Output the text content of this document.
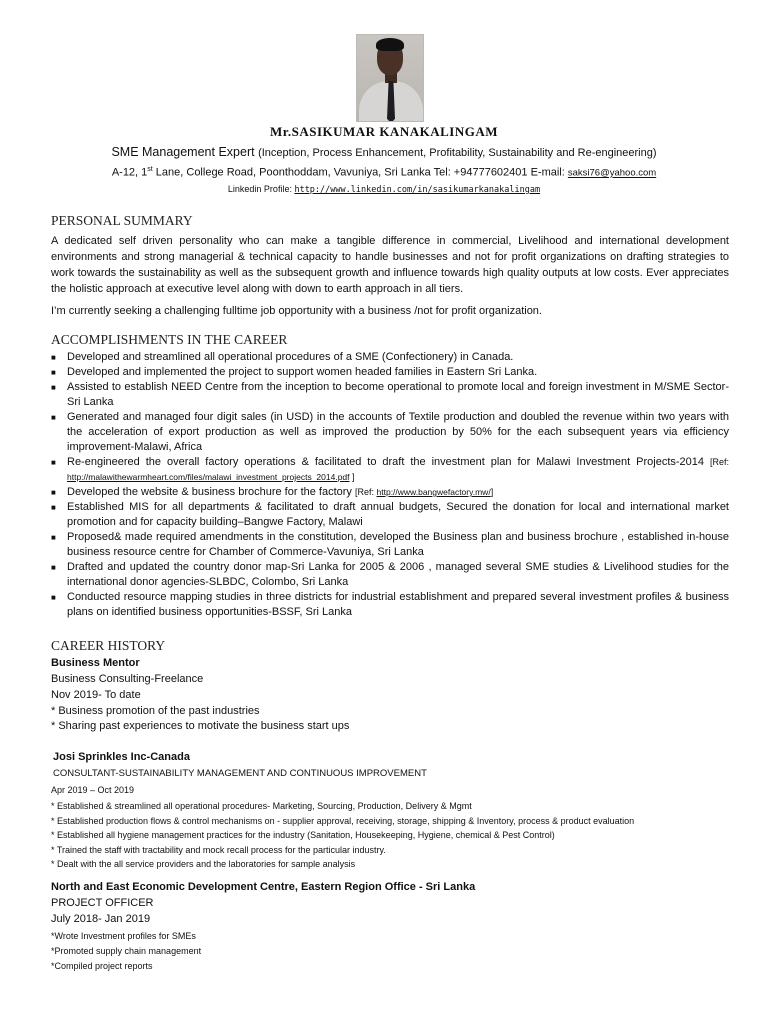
Mr.SASIKUMAR KANAKALINGAM
SME Management Expert (Inception, Process Enhancement, Profitability, Sustainability and Re-engineering)
A-12, 1st Lane, College Road, Poonthoddam, Vavuniya, Sri Lanka Tel: +94777602401 E-mail: saksi76@yahoo.com
Linkedin Profile: http://www.linkedin.com/in/sasikumarkanakalingam
PERSONAL SUMMARY
A dedicated self driven personality who can make a tangible difference in commercial, Livelihood and international development environments and strong managerial & technical capacity to handle businesses and not for profit organizations on drafting strategies to work towards the sustainability as well as the subsequent growth and influence towards high quality outputs at low costs. Ever appreciates the holistic approach at executive level along with down to earth approach in all tiers.
I’m currently seeking a challenging fulltime job opportunity with a business /not for profit organization.
ACCOMPLISHMENTS IN THE CAREER
■ Developed and streamlined all operational procedures of a SME (Confectionery) in Canada.
■ Developed and implemented the project to support women headed families in Eastern Sri Lanka.
■ Assisted to establish NEED Centre from the inception to become operational to promote local and foreign investment in M/SME Sector-Sri Lanka
■ Generated and managed four digit sales (in USD) in the accounts of Textile production and doubled the revenue within two years with the acceleration of export production as well as improved the production by 50% for the each subsequent years via efficiency improvement-Malawi, Africa
■ Re-engineered the overall factory operations & facilitated to draft the investment plan for Malawi Investment Projects-2014 [Ref: http://malawithewarmheart.com/files/malawi_investment_projects_2014.pdf ]
■ Developed the website & business brochure for the factory [Ref: http://www.bangwefactory.mw/]
■ Established MIS for all departments & facilitated to draft annual budgets, Secured the donation for local and international market promotion and for capacity building–Bangwe Factory, Malawi
■ Proposed& made required amendments in the constitution, developed the Business plan and business brochure , established in-house business resource centre for Chamber of Commerce-Vavuniya, Sri Lanka
■ Drafted and updated the country donor map-Sri Lanka for 2005 & 2006 , managed several SME studies & Livelihood studies for the international donor agencies-SLBDC, Colombo, Sri Lanka
■ Conducted resource mapping studies in three districts for industrial establishment and prepared several investment profiles & business plans on identified business opportunities-BSSF, Sri Lanka
CAREER HISTORY
Business Mentor
Business Consulting-Freelance
Nov 2019- To date
* Business promotion of the past industries
* Sharing past experiences to motivate the business start ups
Josi Sprinkles Inc-Canada
CONSULTANT-SUSTAINABILITY MANAGEMENT AND CONTINUOUS IMPROVEMENT
Apr 2019 – Oct 2019
* Established & streamlined all operational procedures- Marketing, Sourcing, Production, Delivery & Mgmt
* Established production flows & control mechanisms on - supplier approval, receiving, storage, shipping & Inventory, process & product evaluation
* Established all hygiene management practices for the industry (Sanitation, Housekeeping, Hygiene, chemical & Pest Control)
* Trained the staff with tractability and mock recall process for the particular industry.
* Dealt with the all service providers and the laboratories for sample analysis
North and East Economic Development Centre, Eastern Region Office - Sri Lanka
PROJECT OFFICER
July 2018- Jan 2019
*Wrote Investment profiles for SMEs
*Promoted supply chain management
*Compiled project reports
